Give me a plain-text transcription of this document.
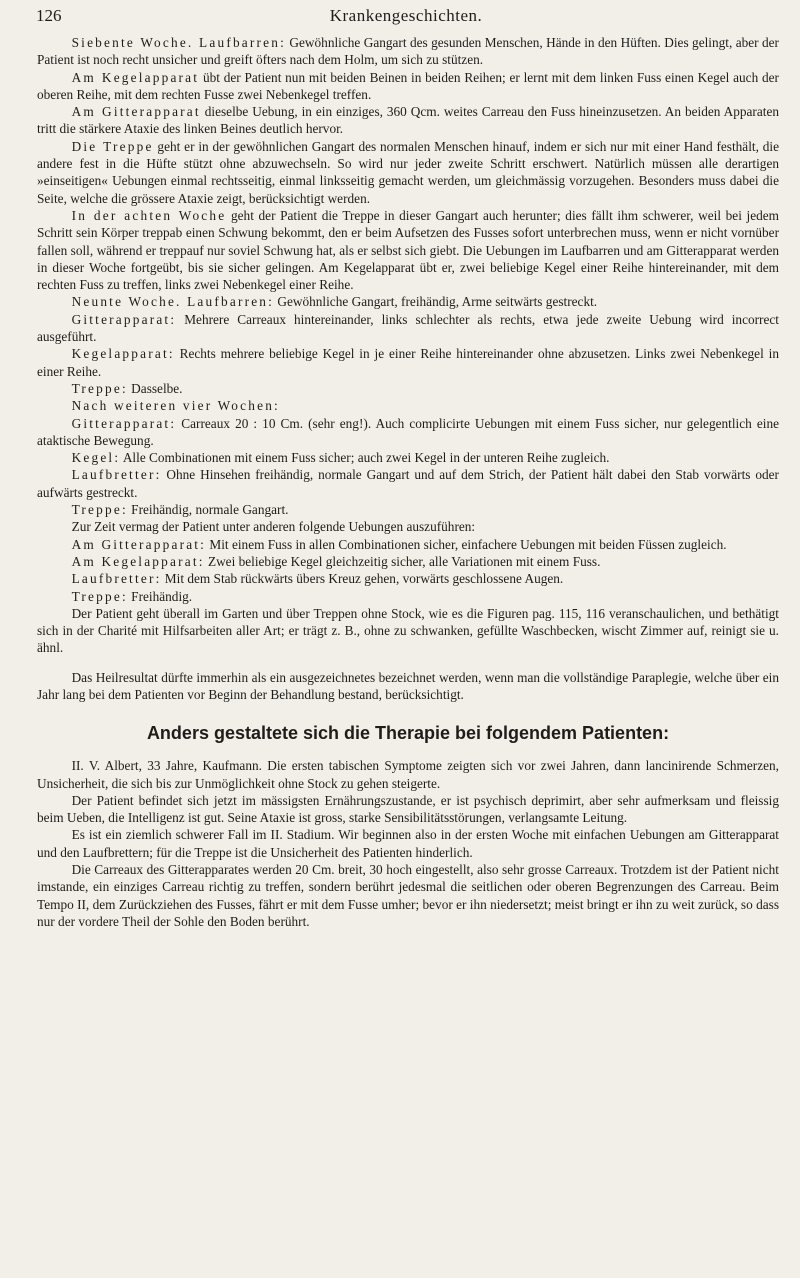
126	Krankengeschichten.

Siebente Woche. Laufbarren: Gewöhnliche Gangart des gesunden Menschen, Hände in den Hüften. Dies gelingt, aber der Patient ist noch recht unsicher und greift öfters nach dem Holm, um sich zu stützen.

Am Kegelapparat übt der Patient nun mit beiden Beinen in beiden Reihen; er lernt mit dem linken Fuss einen Kegel auch der oberen Reihe, mit dem rechten Fusse zwei Nebenkegel treffen.

Am Gitterapparat dieselbe Uebung, in ein einziges, 360 Qcm. weites Carreau den Fuss hineinzusetzen. An beiden Apparaten tritt die stärkere Ataxie des linken Beines deutlich hervor.

Die Treppe geht er in der gewöhnlichen Gangart des normalen Menschen hinauf, indem er sich nur mit einer Hand festhält, die andere fest in die Hüfte stützt ohne abzuwechseln. So wird nur jeder zweite Schritt erschwert. Natürlich müssen alle derartigen »einseitigen« Uebungen einmal rechtsseitig, einmal linksseitig gemacht werden, um gleichmässig vorzugehen. Besonders muss dabei die Seite, welche die grössere Ataxie zeigt, berücksichtigt werden.

In der achten Woche geht der Patient die Treppe in dieser Gangart auch herunter; dies fällt ihm schwerer, weil bei jedem Schritt sein Körper treppab einen Schwung bekommt, den er beim Aufsetzen des Fusses sofort unterbrechen muss, wenn er nicht vornüber fallen soll, während er treppauf nur soviel Schwung hat, als er selbst sich giebt. Die Uebungen im Laufbarren und am Gitterapparat werden in dieser Woche fortgeübt, bis sie sicher gelingen. Am Kegelapparat übt er, zwei beliebige Kegel einer Reihe hintereinander, mit dem rechten Fuss zu treffen, links zwei Nebenkegel einer Reihe.

Neunte Woche. Laufbarren: Gewöhnliche Gangart, freihändig, Arme seitwärts gestreckt.

Gitterapparat: Mehrere Carreaux hintereinander, links schlechter als rechts, etwa jede zweite Uebung wird incorrect ausgeführt.

Kegelapparat: Rechts mehrere beliebige Kegel in je einer Reihe hintereinander ohne abzusetzen. Links zwei Nebenkegel in einer Reihe.

Treppe: Dasselbe.

Nach weiteren vier Wochen:

Gitterapparat: Carreaux 20 : 10 Cm. (sehr eng!). Auch complicirte Uebungen mit einem Fuss sicher, nur gelegentlich eine ataktische Bewegung.

Kegel: Alle Combinationen mit einem Fuss sicher; auch zwei Kegel in der unteren Reihe zugleich.

Laufbretter: Ohne Hinsehen freihändig, normale Gangart und auf dem Strich, der Patient hält dabei den Stab vorwärts oder aufwärts gestreckt.

Treppe: Freihändig, normale Gangart.

Zur Zeit vermag der Patient unter anderen folgende Uebungen auszuführen:

Am Gitterapparat: Mit einem Fuss in allen Combinationen sicher, einfachere Uebungen mit beiden Füssen zugleich.

Am Kegelapparat: Zwei beliebige Kegel gleichzeitig sicher, alle Variationen mit einem Fuss.

Laufbretter: Mit dem Stab rückwärts übers Kreuz gehen, vorwärts geschlossene Augen.

Treppe: Freihändig.

Der Patient geht überall im Garten und über Treppen ohne Stock, wie es die Figuren pag. 115, 116 veranschaulichen, und bethätigt sich in der Charité mit Hilfsarbeiten aller Art; er trägt z. B., ohne zu schwanken, gefüllte Waschbecken, wischt Zimmer auf, reinigt sie u. ähnl.

Das Heilresultat dürfte immerhin als ein ausgezeichnetes bezeichnet werden, wenn man die vollständige Paraplegie, welche über ein Jahr lang bei dem Patienten vor Beginn der Behandlung bestand, berücksichtigt.

Anders gestaltete sich die Therapie bei folgendem Patienten:

II. V. Albert, 33 Jahre, Kaufmann. Die ersten tabischen Symptome zeigten sich vor zwei Jahren, dann lancinirende Schmerzen, Unsicherheit, die sich bis zur Unmöglichkeit ohne Stock zu gehen steigerte.

Der Patient befindet sich jetzt im mässigsten Ernährungszustande, er ist psychisch deprimirt, aber sehr aufmerksam und fleissig beim Ueben, die Intelligenz ist gut. Seine Ataxie ist gross, starke Sensibilitätsstörungen, verlangsamte Leitung.

Es ist ein ziemlich schwerer Fall im II. Stadium. Wir beginnen also in der ersten Woche mit einfachen Uebungen am Gitterapparat und den Laufbrettern; für die Treppe ist die Unsicherheit des Patienten hinderlich.

Die Carreaux des Gitterapparates werden 20 Cm. breit, 30 hoch eingestellt, also sehr grosse Carreaux. Trotzdem ist der Patient nicht imstande, ein einziges Carreau richtig zu treffen, sondern berührt jedesmal die seitlichen oder oberen Begrenzungen des Carreau. Beim Tempo II, dem Zurückziehen des Fusses, fährt er mit dem Fusse umher; bevor er ihn niedersetzt; meist bringt er ihn zu weit zurück, so dass nur der vordere Theil der Sohle den Boden berührt.
